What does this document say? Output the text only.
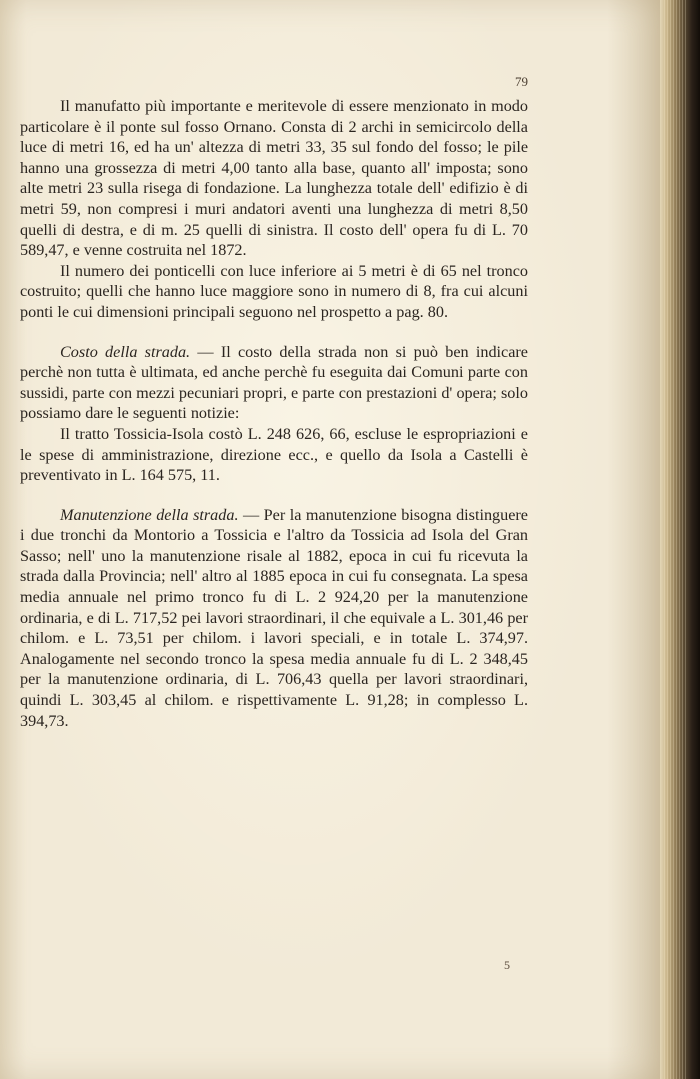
79

Il manufatto più importante e meritevole di essere menzionato in modo particolare è il ponte sul fosso Ornano. Consta di 2 archi in semicircolo della luce di metri 16, ed ha un' altezza di metri 33, 35 sul fondo del fosso; le pile hanno una grossezza di metri 4,00 tanto alla base, quanto all' imposta; sono alte metri 23 sulla risega di fondazione. La lunghezza totale dell' edifizio è di metri 59, non compresi i muri andatori aventi una lunghezza di metri 8,50 quelli di destra, e di m. 25 quelli di sinistra. Il costo dell' opera fu di L. 70 589,47, e venne costruita nel 1872.

Il numero dei ponticelli con luce inferiore ai 5 metri è di 65 nel tronco costruito; quelli che hanno luce maggiore sono in numero di 8, fra cui alcuni ponti le cui dimensioni principali seguono nel prospetto a pag. 80.

Costo della strada. — Il costo della strada non si può ben indicare perchè non tutta è ultimata, ed anche perchè fu eseguita dai Comuni parte con sussidi, parte con mezzi pecuniari propri, e parte con prestazioni d' opera; solo possiamo dare le seguenti notizie:

Il tratto Tossicia-Isola costò L. 248 626, 66, escluse le espropriazioni e le spese di amministrazione, direzione ecc., e quello da Isola a Castelli è preventivato in L. 164 575, 11.

Manutenzione della strada. — Per la manutenzione bisogna distinguere i due tronchi da Montorio a Tossicia e l'altro da Tossicia ad Isola del Gran Sasso; nell' uno la manutenzione risale al 1882, epoca in cui fu ricevuta la strada dalla Provincia; nell' altro al 1885 epoca in cui fu consegnata. La spesa media annuale nel primo tronco fu di L. 2 924,20 per la manutenzione ordinaria, e di L. 717,52 pei lavori straordinari, il che equivale a L. 301,46 per chilom. e L. 73,51 per chilom. i lavori speciali, e in totale L. 374,97. Analogamente nel secondo tronco la spesa media annuale fu di L. 2 348,45 per la manutenzione ordinaria, di L. 706,43 quella per lavori straordinari, quindi L. 303,45 al chilom. e rispettivamente L. 91,28; in complesso L. 394,73.

5
